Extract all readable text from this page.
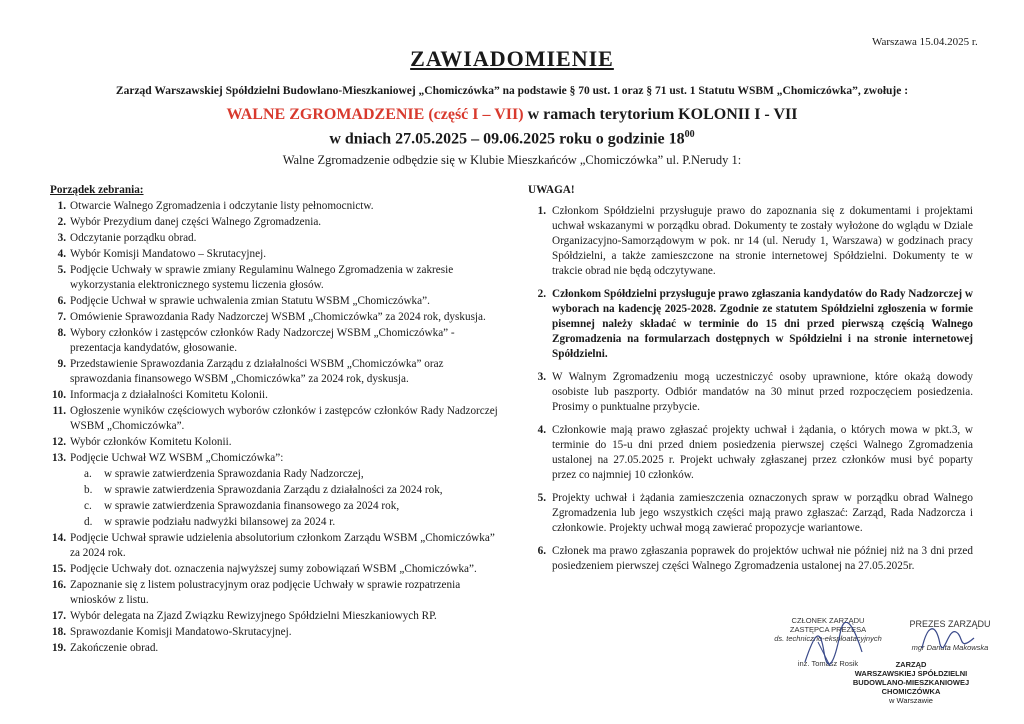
Warszawa 15.04.2025 r.
ZAWIADOMIENIE
Zarząd Warszawskiej Spółdzielni Budowlano-Mieszkaniowej „Chomiczówka” na podstawie § 70 ust. 1 oraz § 71 ust. 1 Statutu WSBM „Chomiczówka”, zwołuje :
WALNE ZGROMADZENIE (część I – VII) w ramach terytorium KOLONII I - VII
w dniach 27.05.2025 – 09.06.2025 roku o godzinie $18^{00}$
Walne Zgromadzenie odbędzie się w Klubie Mieszkańców „Chomiczówka” ul. P.Nerudy 1:
Porządek zebrania:
1. Otwarcie Walnego Zgromadzenia i odczytanie listy pełnomocnictw.
2. Wybór Prezydium danej części Walnego Zgromadzenia.
3. Odczytanie porządku obrad.
4. Wybór Komisji Mandatowo – Skrutacyjnej.
5. Podjęcie Uchwały w sprawie zmiany Regulaminu Walnego Zgromadzenia w zakresie wykorzystania elektronicznego systemu liczenia głosów.
6. Podjęcie Uchwał w sprawie uchwalenia zmian Statutu WSBM „Chomiczówka”.
7. Omówienie Sprawozdania Rady Nadzorczej WSBM „Chomiczówka” za 2024 rok, dyskusja.
8. Wybory członków i zastępców członków Rady Nadzorczej WSBM „Chomiczówka” - prezentacja kandydatów, głosowanie.
9. Przedstawienie Sprawozdania Zarządu z działalności WSBM „Chomiczówka” oraz sprawozdania finansowego WSBM „Chomiczówka” za 2024 rok, dyskusja.
10. Informacja z działalności Komitetu Kolonii.
11. Ogłoszenie wyników częściowych wyborów członków i zastępców członków Rady Nadzorczej WSBM „Chomiczówka”.
12. Wybór członków Komitetu Kolonii.
13. Podjęcie Uchwał WZ WSBM „Chomiczówka”:
a. w sprawie zatwierdzenia Sprawozdania Rady Nadzorczej,
b. w sprawie zatwierdzenia Sprawozdania Zarządu z działalności za 2024 rok,
c. w sprawie zatwierdzenia Sprawozdania finansowego za 2024 rok,
d. w sprawie podziału nadwyżki bilansowej za 2024 r.
14. Podjęcie Uchwał sprawie udzielenia absolutorium członkom Zarządu WSBM „Chomiczówka” za 2024 rok.
15. Podjęcie Uchwały dot. oznaczenia najwyższej sumy zobowiązań WSBM „Chomiczówka”.
16. Zapoznanie się z listem polustracyjnym oraz podjęcie Uchwały w sprawie rozpatrzenia wniosków z listu.
17. Wybór delegata na Zjazd Związku Rewizyjnego Spółdzielni Mieszkaniowych RP.
18. Sprawozdanie Komisji Mandatowo-Skrutacyjnej.
19. Zakończenie obrad.
UWAGA!
1. Członkom Spółdzielni przysługuje prawo do zapoznania się z dokumentami i projektami uchwał wskazanymi w porządku obrad. Dokumenty te zostały wyłożone do wglądu w Dziale Organizacyjno-Samorządowym w pok. nr 14 (ul. Nerudy 1, Warszawa) w godzinach pracy Spółdzielni, a także zamieszczone na stronie internetowej Spółdzielni. Dokumenty te w trakcie obrad nie będą odczytywane.
2. Członkom Spółdzielni przysługuje prawo zgłaszania kandydatów do Rady Nadzorczej w wyborach na kadencję 2025-2028. Zgodnie ze statutem Spółdzielni zgłoszenia w formie pisemnej należy składać w terminie do 15 dni przed pierwszą częścią Walnego Zgromadzenia na formularzach dostępnych w Spółdzielni i na stronie internetowej Spółdzielni.
3. W Walnym Zgromadzeniu mogą uczestniczyć osoby uprawnione, które okażą dowody osobiste lub paszporty. Odbiór mandatów na 30 minut przed rozpoczęciem posiedzenia. Prosimy o punktualne przybycie.
4. Członkowie mają prawo zgłaszać projekty uchwał i żądania, o których mowa w pkt.3, w terminie do 15-u dni przed dniem posiedzenia pierwszej części Walnego Zgromadzenia ustalonej na 27.05.2025 r. Projekt uchwały zgłaszanej przez członków musi być poparty przez co najmniej 10 członków.
5. Projekty uchwał i żądania zamieszczenia oznaczonych spraw w porządku obrad Walnego Zgromadzenia lub jego wszystkich części mają prawo zgłaszać: Zarząd, Rada Nadzorcza i członkowie. Projekty uchwał mogą zawierać propozycje wariantowe.
6. Członek ma prawo zgłaszania poprawek do projektów uchwał nie później niż na 3 dni przed posiedzeniem pierwszej części Walnego Zgromadzenia ustalonej na 27.05.2025r.
CZŁONEK ZARZĄDU
ZASTĘPCA PREZESA
ds. techniczno-eksploatacyjnych
inż. Tomasz Rosik
PREZES ZARZĄDU
mgr Danuta Makowska
ZARZĄD
WARSZAWSKIEJ SPÓŁDZIELNI
BUDOWLANO-MIESZKANIOWEJ
CHOMICZÓWKA
w Warszawie
